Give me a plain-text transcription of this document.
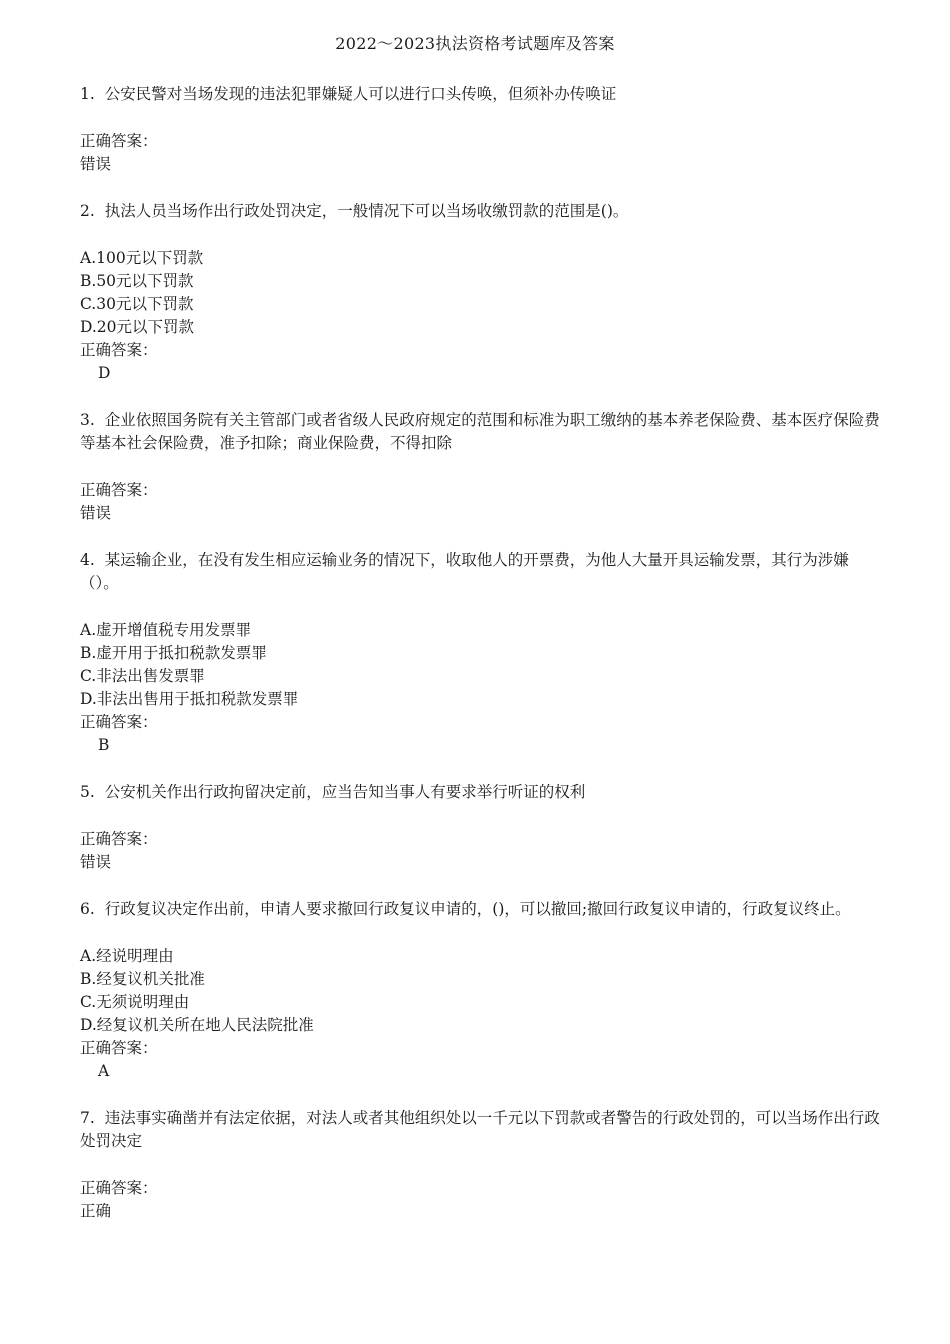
2022～2023执法资格考试题库及答案

1. 公安民警对当场发现的违法犯罪嫌疑人可以进行口头传唤，但须补办传唤证

正确答案：

错误

2. 执法人员当场作出行政处罚决定，一般情况下可以当场收缴罚款的范围是()。

A.100元以下罚款

B.50元以下罚款

C.30元以下罚款

D.20元以下罚款

正确答案：

D

3. 企业依照国务院有关主管部门或者省级人民政府规定的范围和标准为职工缴纳的基本养老保险费、基本医疗保险费等基本社会保险费，准予扣除；商业保险费，不得扣除

正确答案：

错误

4. 某运输企业，在没有发生相应运输业务的情况下，收取他人的开票费，为他人大量开具运输发票，其行为涉嫌（）。

A.虚开增值税专用发票罪

B.虚开用于抵扣税款发票罪

C.非法出售发票罪

D.非法出售用于抵扣税款发票罪

正确答案：

B

5. 公安机关作出行政拘留决定前，应当告知当事人有要求举行听证的权利

正确答案：

错误

6. 行政复议决定作出前，申请人要求撤回行政复议申请的，()，可以撤回;撤回行政复议申请的，行政复议终止。

A.经说明理由

B.经复议机关批准

C.无须说明理由

D.经复议机关所在地人民法院批准

正确答案：

A

7. 违法事实确凿并有法定依据，对法人或者其他组织处以一千元以下罚款或者警告的行政处罚的，可以当场作出行政处罚决定

正确答案：

正确
